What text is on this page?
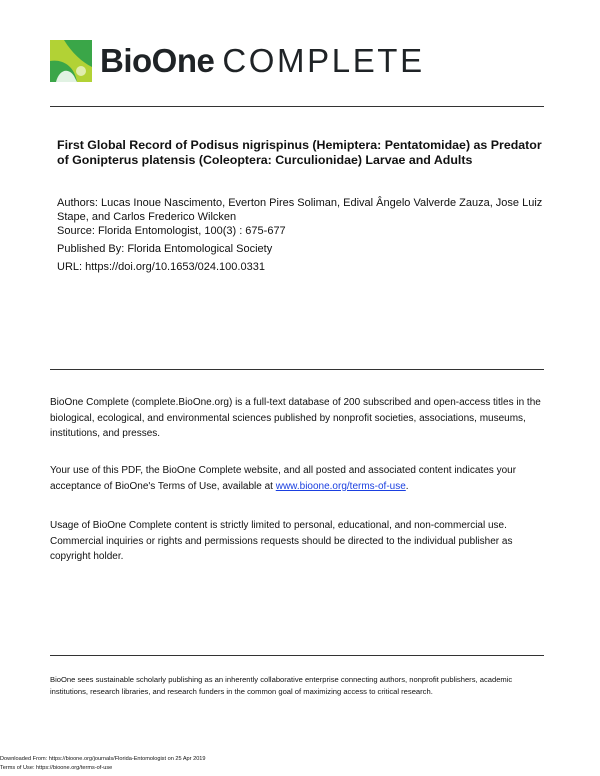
BioOne COMPLETE
First Global Record of Podisus nigrispinus (Hemiptera: Pentatomidae) as Predator of Gonipterus platensis (Coleoptera: Curculionidae) Larvae and Adults

Authors: Lucas Inoue Nascimento, Everton Pires Soliman, Edival Ângelo Valverde Zauza, Jose Luiz Stape, and Carlos Frederico Wilcken

Source: Florida Entomologist, 100(3) : 675-677

Published By: Florida Entomological Society

URL: https://doi.org/10.1653/024.100.0331

BioOne Complete (complete.BioOne.org) is a full-text database of 200 subscribed and open-access titles in the biological, ecological, and environmental sciences published by nonprofit societies, associations, museums, institutions, and presses.

Your use of this PDF, the BioOne Complete website, and all posted and associated content indicates your acceptance of BioOne's Terms of Use, available at www.bioone.org/terms-of-use.

Usage of BioOne Complete content is strictly limited to personal, educational, and non-commercial use. Commercial inquiries or rights and permissions requests should be directed to the individual publisher as copyright holder.

BioOne sees sustainable scholarly publishing as an inherently collaborative enterprise connecting authors, nonprofit publishers, academic institutions, research libraries, and research funders in the common goal of maximizing access to critical research.

Downloaded From: https://bioone.org/journals/Florida-Entomologist on 25 Apr 2019
Terms of Use: https://bioone.org/terms-of-use
